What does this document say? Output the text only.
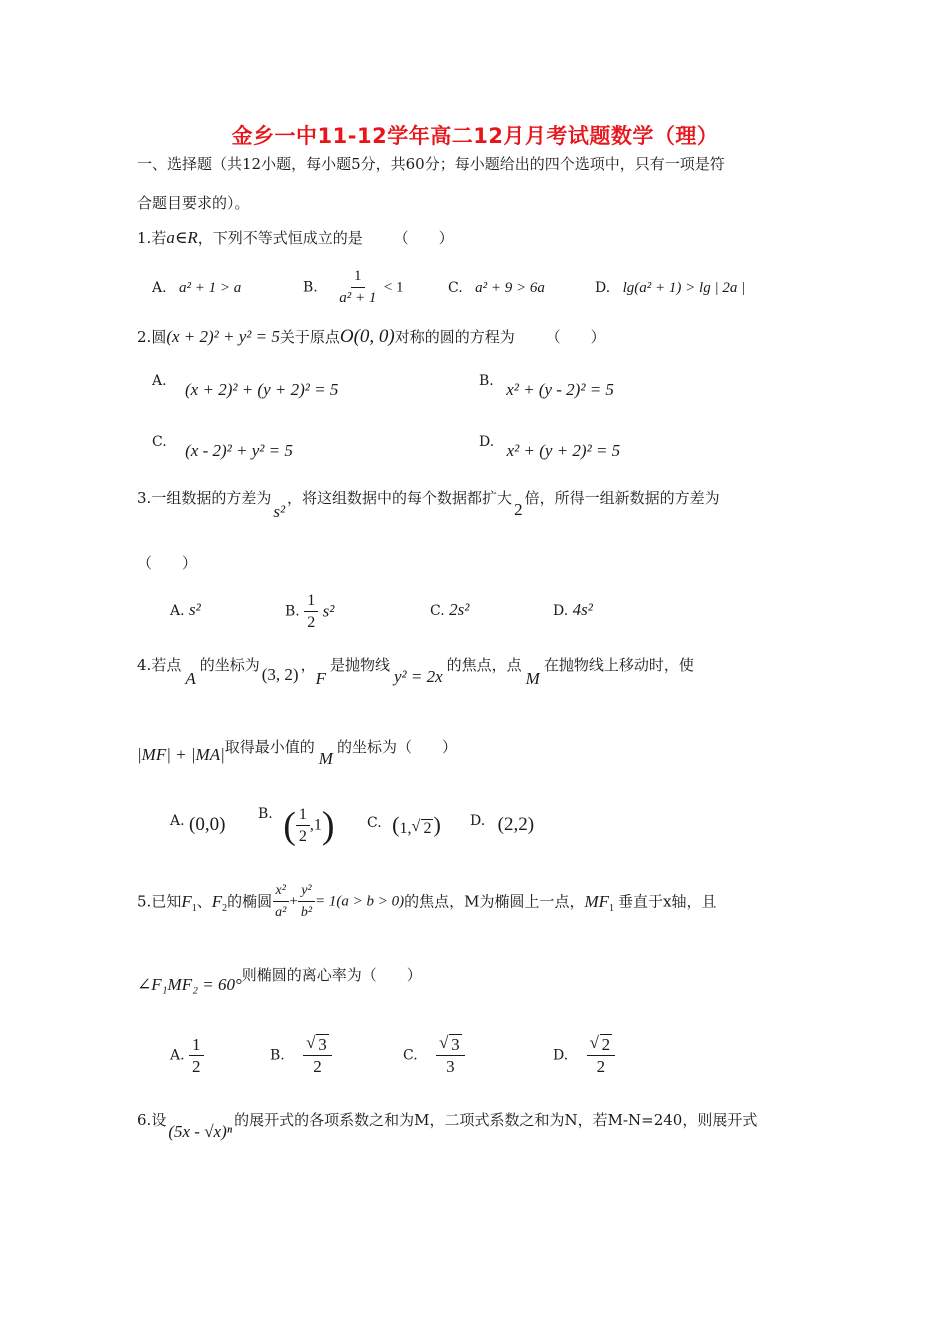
金乡一中11-12学年高二12月月考试题数学（理）
一、选择题（共12小题，每小题5分，共60分；每小题给出的四个选项中，只有一项是符
合题目要求的）。
1.若a∈R，下列不等式恒成立的是 （　　）
A. a² + 1 > a	B. $\frac{1}{\text{a² + 1}} < 1$	C. a² + 9 > 6a	D. lg(a² + 1) > lg | 2a |
2.圆(x + 2)² + y² = 5关于原点O(0, 0)对称的圆的方程为 （　　）
A. (x + 2)² + (y + 2)² = 5	B. x² + (y - 2)² = 5
C. (x - 2)² + y² = 5	D. x² + (y + 2)² = 5
3.一组数据的方差为s²，将这组数据中的每个数据都扩大2倍，所得一组新数据的方差为
（　　）
A. s²	B. $\frac{1}{2} s^2$	C. 2s²	D. 4s²
4.若点A的坐标为 (3, 2) ，F是抛物线y² = 2x的焦点，点M在抛物线上移动时，使
|MF| + |MA|取得最小值的M的坐标为（　　）
A. (0,0) B. ( $\frac{1}{2} ,1$) C. (1, √ 2) D. (2,2)
5.已知$F_1$、$F_2$的椭圆 $\frac{\text{x²}}{\text{a²}} + \frac{\text{y²}}{\text{b²}} = 1(a > b > 0)$的焦点，M为椭圆上一点，$MF_1$ 垂直于x轴，且
∠F₁MF₂ = 60°则椭圆的离心率为（　　）
A. $\frac{1}{2}$	B. $\frac{√ 3}{2}$	C. $\frac{√ 3}{3}$	D. $\frac{√ 2}{2}$
6.设(5x - √x)ⁿ的展开式的各项系数之和为M，二项式系数之和为N，若M-N=240，则展开式
